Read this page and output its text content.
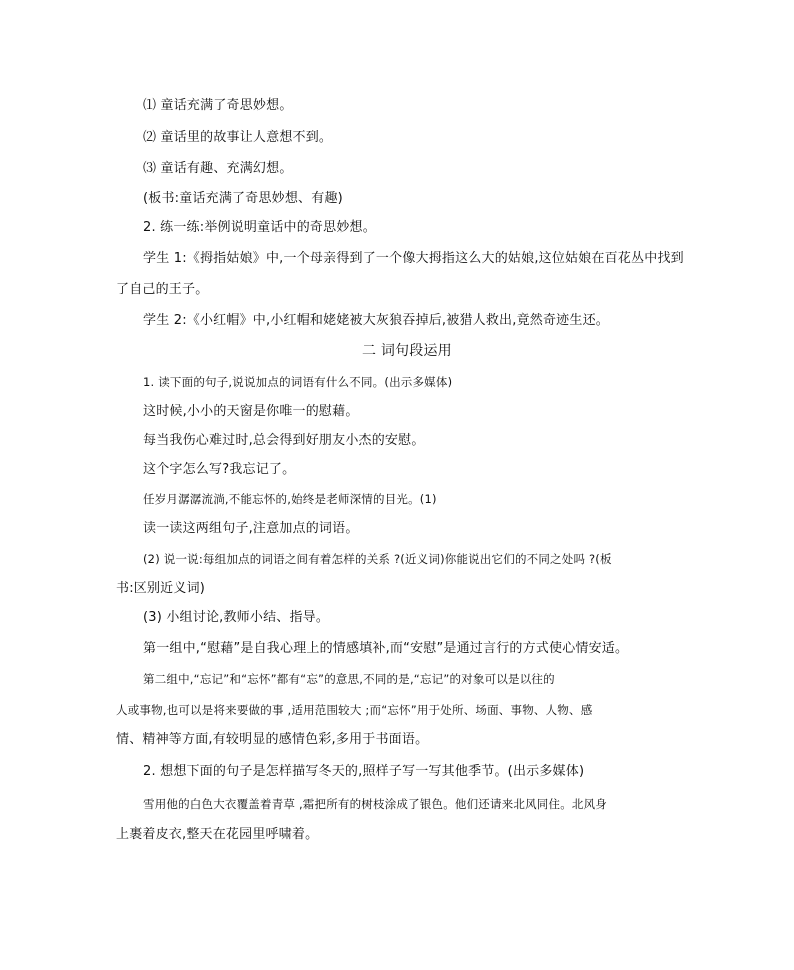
⑴ 童话充满了奇思妙想。
⑵ 童话里的故事让人意想不到。
⑶ 童话有趣、充满幻想。
(板书:童话充满了奇思妙想、有趣)
2. 练一练:举例说明童话中的奇思妙想。
学生 1:《拇指姑娘》中,一个母亲得到了一个像大拇指这么大的姑娘,这位姑娘在百花丛中找到
了自己的王子。
学生 2:《小红帽》中,小红帽和姥姥被大灰狼吞掉后,被猎人救出,竟然奇迹生还。
二 词句段运用
1. 读下面的句子,说说加点的词语有什么不同。(出示多媒体)
这时候,小小的天窗是你唯一的慰藉。
每当我伤心难过时,总会得到好朋友小杰的安慰。
这个字怎么写?我忘记了。
任岁月潺潺流淌,不能忘怀的,始终是老师深情的目光。(1)
读一读这两组句子,注意加点的词语。
(2) 说一说:每组加点的词语之间有着怎样的关系 ?(近义词)你能说出它们的不同之处吗 ?(板
书:区别近义词)
(3) 小组讨论,教师小结、指导。
第一组中,“慰藉”是自我心理上的情感填补,而“安慰”是通过言行的方式使心情安适。
第二组中,“忘记”和“忘怀”都有“忘”的意思,不同的是,“忘记”的对象可以是以往的
人或事物,也可以是将来要做的事 ,适用范围较大 ;而“忘怀”用于处所、场面、事物、人物、感
情、精神等方面,有较明显的感情色彩,多用于书面语。
2. 想想下面的句子是怎样描写冬天的,照样子写一写其他季节。(出示多媒体)
雪用他的白色大衣覆盖着青草 ,霜把所有的树枝涂成了银色。他们还请来北风同住。北风身
上裹着皮衣,整天在花园里呼啸着。
